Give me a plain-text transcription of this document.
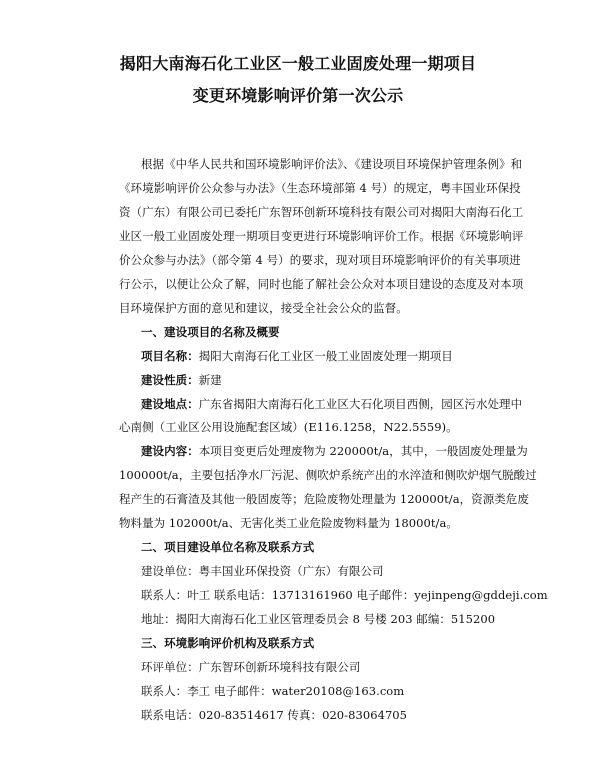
揭阳大南海石化工业区一般工业固废处理一期项目
变更环境影响评价第一次公示
根据《中华人民共和国环境影响评价法》、《建设项目环境保护管理条例》和
《环境影响评价公众参与办法》（生态环境部第 4 号）的规定，粤丰国业环保投
资（广东）有限公司已委托广东智环创新环境科技有限公司对揭阳大南海石化工
业区一般工业固废处理一期项目变更进行环境影响评价工作。根据《环境影响评
价公众参与办法》（部令第 4 号）的要求，现对项目环境影响评价的有关事项进
行公示，以便让公众了解，同时也能了解社会公众对本项目建设的态度及对本项
目环境保护方面的意见和建议，接受全社会公众的监督。
一、建设项目的名称及概要
项目名称：揭阳大南海石化工业区一般工业固废处理一期项目
建设性质：新建
建设地点：广东省揭阳大南海石化工业区大石化项目西侧，园区污水处理中
心南侧（工业区公用设施配套区域）(E116.1258，N22.5559)。
建设内容：本项目变更后处理废物为 220000t/a，其中，一般固废处理量为
100000t/a，主要包括净水厂污泥、侧吹炉系统产出的水淬渣和侧吹炉烟气脱酸过
程产生的石膏渣及其他一般固废等；危险废物处理量为 120000t/a，资源类危废
物料量为 102000t/a、无害化类工业危险废物料量为 18000t/a。
二、项目建设单位名称及联系方式
建设单位：粤丰国业环保投资（广东）有限公司
联系人：叶工 联系电话：13713161960 电子邮件：yejinpeng@gddeji.com
地址：揭阳大南海石化工业区管理委员会 8 号楼 203 邮编：515200
三、环境影响评价机构及联系方式
环评单位：广东智环创新环境科技有限公司
联系人：李工 电子邮件：water20108@163.com
联系电话：020-83514617 传真：020-83064705
